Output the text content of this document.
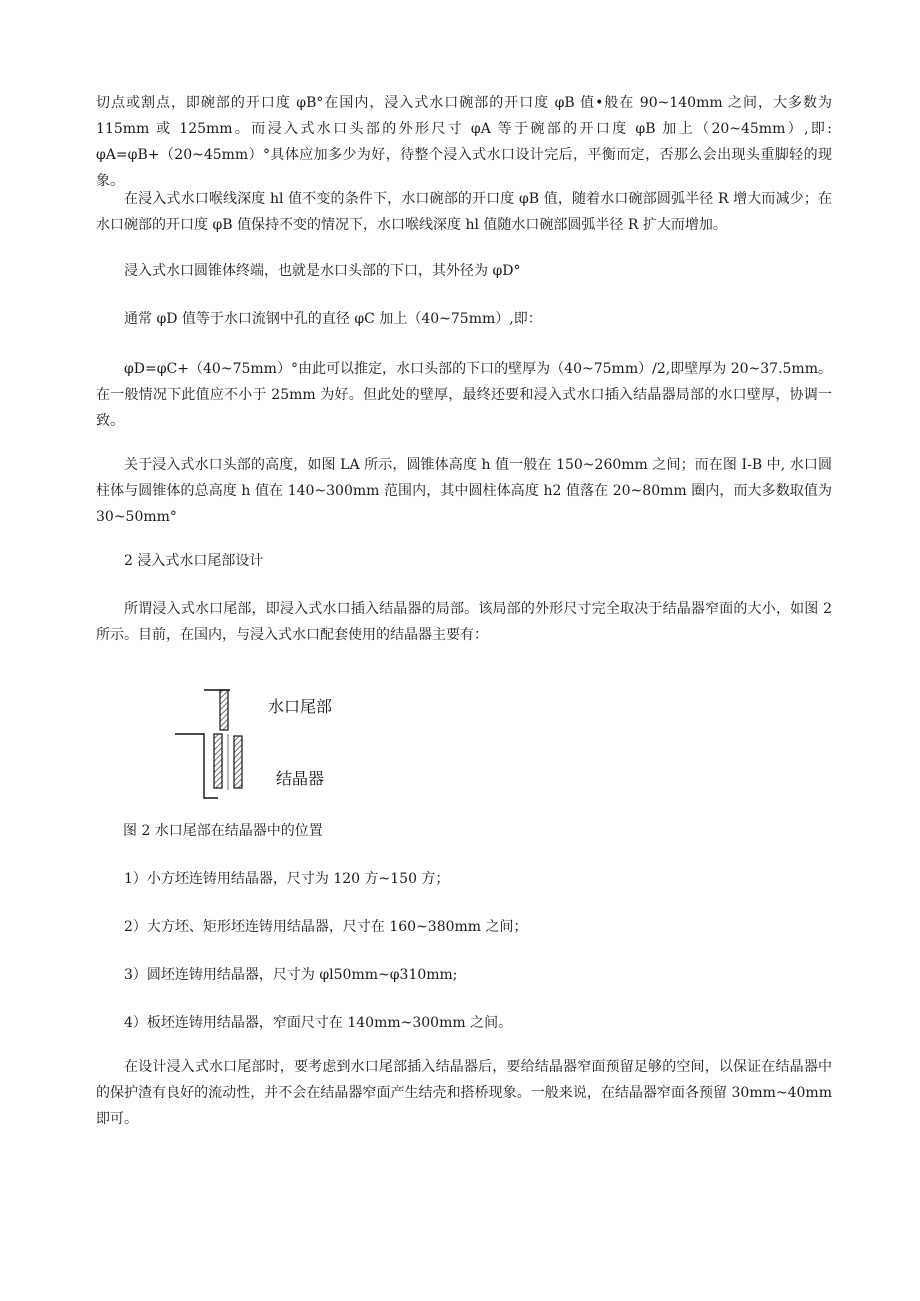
切点或割点，即碗部的开口度 φB°在国内，浸入式水口碗部的开口度 φB 值•般在 90~140mm 之间，大多数为 115mm 或 125mm。而浸入式水口头部的外形尺寸 φA 等于碗部的开口度 φB 加上（20~45mm）,即: φA=φB+（20~45mm）°具体应加多少为好，待整个浸入式水口设计完后，平衡而定，否那么会出现头重脚轻的现象。

在浸入式水口喉线深度 hl 值不变的条件下，水口碗部的开口度 φB 值，随着水口碗部圆弧半径 R 增大而减少；在水口碗部的开口度 φB 值保持不变的情况下，水口喉线深度 hl 值随水口碗部圆弧半径 R 扩大而增加。

浸入式水口圆锥体终端，也就是水口头部的下口，其外径为 φD°

通常 φD 值等于水口流钢中孔的直径 φC 加上（40~75mm）,即：

φD=φC+（40~75mm）°由此可以推定，水口头部的下口的壁厚为（40~75mm）/2,即壁厚为 20~37.5mm。在一般情况下此值应不小于 25mm 为好。但此处的壁厚，最终还要和浸入式水口插入结晶器局部的水口壁厚，协调一致。

关于浸入式水口头部的高度，如图 LA 所示，圆锥体高度 h 值一般在 150~260mm 之间；而在图 I-B 中, 水口圆柱体与圆锥体的总高度 h 值在 140~300mm 范围内，其中圆柱体高度 h2 值落在 20~80mm 圈内，而大多数取值为 30~50mm°

2 浸入式水口尾部设计

所谓浸入式水口尾部，即浸入式水口插入结晶器的局部。该局部的外形尺寸完全取决于结晶器窄面的大小，如图 2 所示。目前，在国内，与浸入式水口配套使用的结晶器主要有：

水口尾部
结晶器

图 2 水口尾部在结晶器中的位置

1）小方坯连铸用结晶器，尺寸为 120 方~150 方；

2）大方坯、矩形坯连铸用结晶器，尺寸在 160~380mm 之间；

3）圆坯连铸用结晶器，尺寸为 φl50mm~φ310mm;

4）板坯连铸用结晶器，窄面尺寸在 140mm~300mm 之间。

在设计浸入式水口尾部时，要考虑到水口尾部插入结晶器后，要给结晶器窄面预留足够的空间，以保证在结晶器中的保护渣有良好的流动性，并不会在结晶器窄面产生结壳和搭桥现象。一般来说，在结晶器窄面各预留 30mm~40mm 即可。
